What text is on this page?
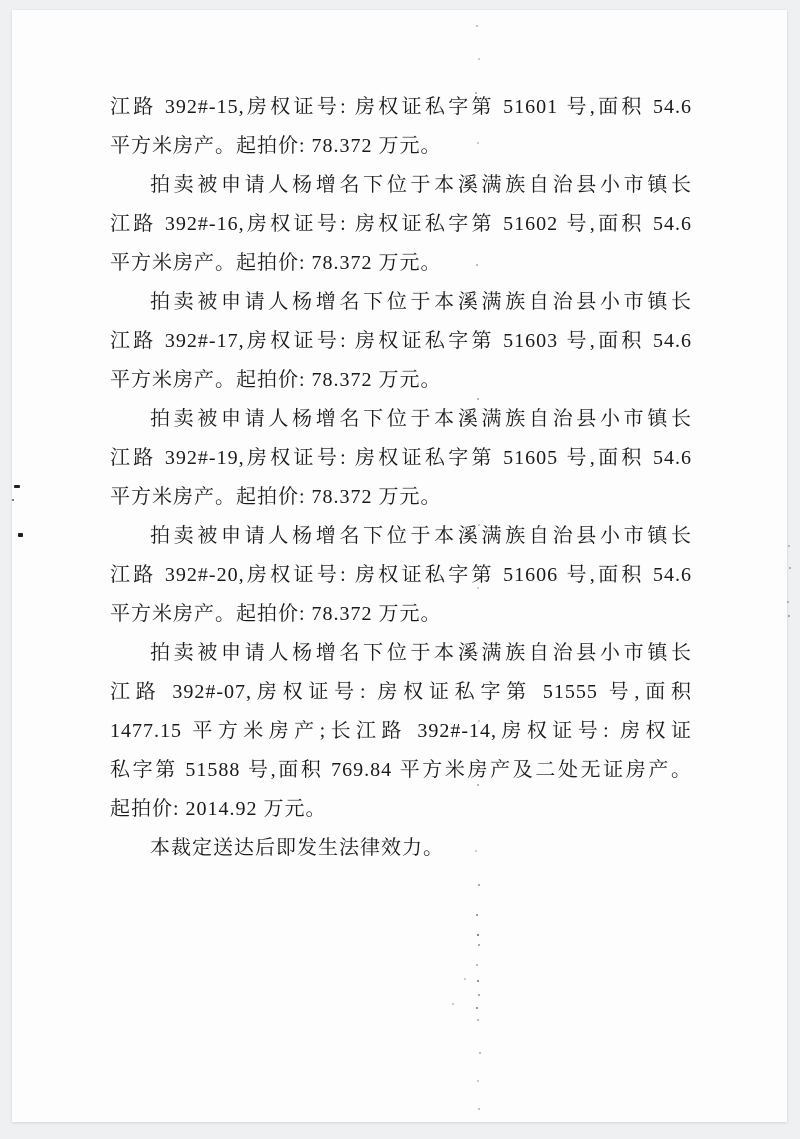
江路 392#-15,房权证号: 房权证私字第 51601 号,面积 54.6
平方米房产。起拍价: 78.372 万元。
拍卖被申请人杨增名下位于本溪满族自治县小市镇长
江路 392#-16,房权证号: 房权证私字第 51602 号,面积 54.6
平方米房产。起拍价: 78.372 万元。
拍卖被申请人杨增名下位于本溪满族自治县小市镇长
江路 392#-17,房权证号: 房权证私字第 51603 号,面积 54.6
平方米房产。起拍价: 78.372 万元。
拍卖被申请人杨增名下位于本溪满族自治县小市镇长
江路 392#-19,房权证号: 房权证私字第 51605 号,面积 54.6
平方米房产。起拍价: 78.372 万元。
拍卖被申请人杨增名下位于本溪满族自治县小市镇长
江路 392#-20,房权证号: 房权证私字第 51606 号,面积 54.6
平方米房产。起拍价: 78.372 万元。
拍卖被申请人杨增名下位于本溪满族自治县小市镇长
江路 392#-07,房权证号: 房权证私字第 51555 号,面积
1477.15 平方米房产;长江路 392#-14,房权证号: 房权证
私字第 51588 号,面积 769.84 平方米房产及二处无证房产。
起拍价: 2014.92 万元。
本裁定送达后即发生法律效力。
